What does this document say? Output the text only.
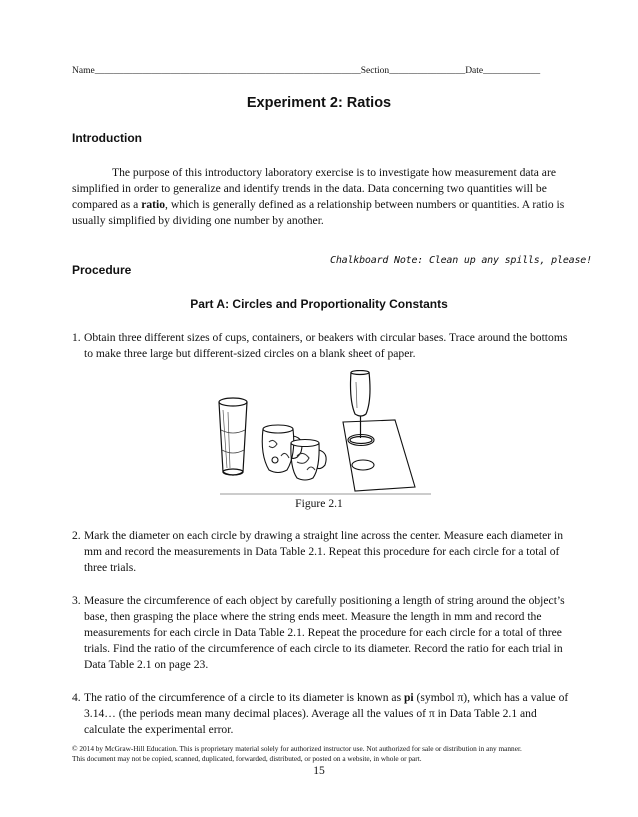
Name________________________________________________________Section________________Date____________
Experiment 2: Ratios
Introduction

The purpose of this introductory laboratory exercise is to investigate how measurement data are simplified in order to generalize and identify trends in the data. Data concerning two quantities will be compared as a ratio, which is generally defined as a relationship between numbers or quantities. A ratio is usually simplified by dividing one number by another.

Chalkboard Note: Clean up any spills, please!
Procedure
Part A: Circles and Proportionality Constants

1. Obtain three different sizes of cups, containers, or beakers with circular bases. Trace around the bottoms to make three large but different-sized circles on a blank sheet of paper.

Figure 2.1

2. Mark the diameter on each circle by drawing a straight line across the center. Measure each diameter in mm and record the measurements in Data Table 2.1. Repeat this procedure for each circle for a total of three trials.

3. Measure the circumference of each object by carefully positioning a length of string around the object’s base, then grasping the place where the string ends meet. Measure the length in mm and record the measurements for each circle in Data Table 2.1. Repeat the procedure for each circle for a total of three trials. Find the ratio of the circumference of each circle to its diameter. Record the ratio for each trial in Data Table 2.1 on page 23.

4. The ratio of the circumference of a circle to its diameter is known as pi (symbol π), which has a value of 3.14… (the periods mean many decimal places). Average all the values of π in Data Table 2.1 and calculate the experimental error.

© 2014 by McGraw-Hill Education. This is proprietary material solely for authorized instructor use. Not authorized for sale or distribution in any manner.
This document may not be copied, scanned, duplicated, forwarded, distributed, or posted on a website, in whole or part.
15
